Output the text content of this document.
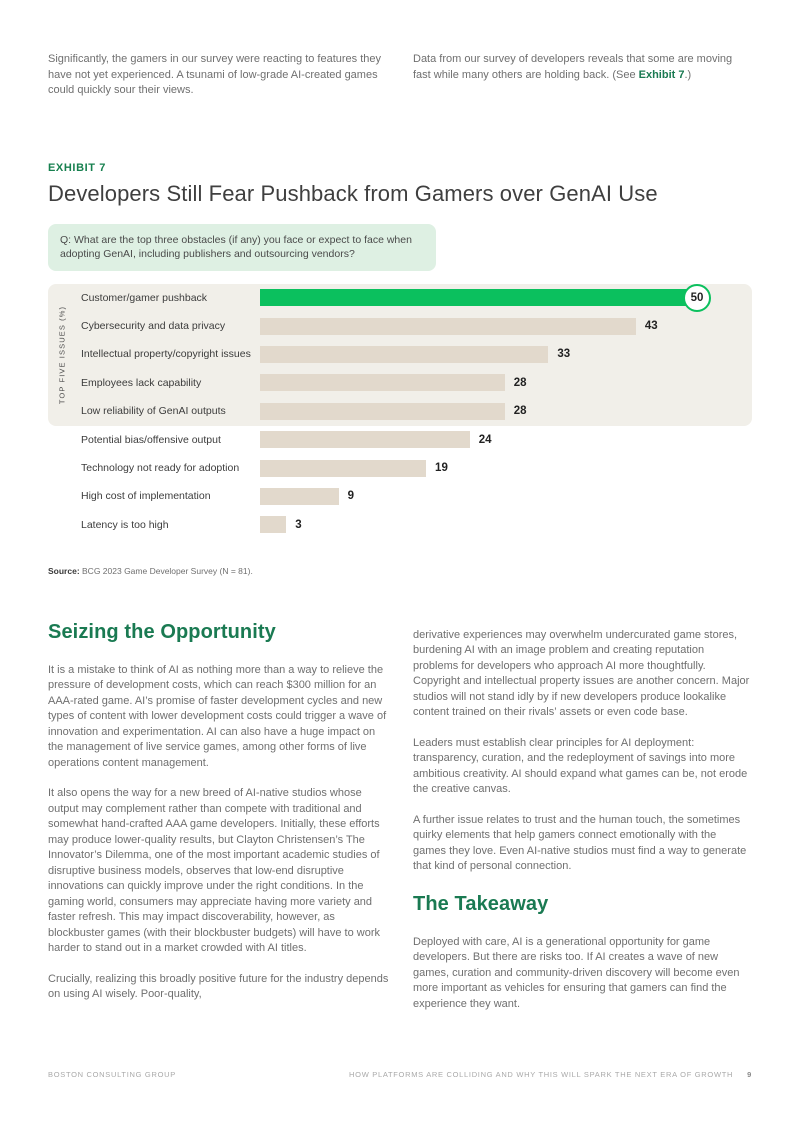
Significantly, the gamers in our survey were reacting to features they have not yet experienced. A tsunami of low-grade AI-created games could quickly sour their views.

Data from our survey of developers reveals that some are moving fast while many others are holding back. (See Exhibit 7.)

EXHIBIT 7
Developers Still Fear Pushback from Gamers over GenAI Use
Q: What are the top three obstacles (if any) you face or expect to face when adopting GenAI, including publishers and outsourcing vendors?
TOP FIVE ISSUES (%)
Customer/gamer pushback	50
Cybersecurity and data privacy	43
Intellectual property/copyright issues	33
Employees lack capability	28
Low reliability of GenAI outputs	28
Potential bias/offensive output	24
Technology not ready for adoption	19
High cost of implementation	9
Latency is too high	3
Source: BCG 2023 Game Developer Survey (N = 81).
Seizing the Opportunity

It is a mistake to think of AI as nothing more than a way to relieve the pressure of development costs, which can reach $300 million for an AAA-rated game. AI’s promise of faster development cycles and new types of content with lower development costs could trigger a wave of innovation and experimentation. AI can also have a huge impact on the management of live service games, among other forms of live operations content management.

It also opens the way for a new breed of AI-native studios whose output may complement rather than compete with traditional and somewhat hand-crafted AAA game developers. Initially, these efforts may produce lower-quality results, but Clayton Christensen’s The Innovator’s Dilemma, one of the most important academic studies of disruptive business models, observes that low-end disruptive innovations can quickly improve under the right conditions. In the gaming world, consumers may appreciate having more variety and faster refresh. This may impact discoverability, however, as blockbuster games (with their blockbuster budgets) will have to work harder to stand out in a market crowded with AI titles.

Crucially, realizing this broadly positive future for the industry depends on using AI wisely. Poor-quality,

derivative experiences may overwhelm undercurated game stores, burdening AI with an image problem and creating reputation problems for developers who approach AI more thoughtfully. Copyright and intellectual property issues are another concern. Major studios will not stand idly by if new developers produce lookalike content trained on their rivals’ assets or even code base.

Leaders must establish clear principles for AI deployment: transparency, curation, and the redeployment of savings into more ambitious creativity. AI should expand what games can be, not erode the creative canvas.

A further issue relates to trust and the human touch, the sometimes quirky elements that help gamers connect emotionally with the games they love. Even AI-native studios must find a way to generate that kind of personal connection.

The Takeaway

Deployed with care, AI is a generational opportunity for game developers. But there are risks too. If AI creates a wave of new games, curation and community-driven discovery will become even more important as vehicles for ensuring that gamers can find the experience they want.

BOSTON CONSULTING GROUP	HOW PLATFORMS ARE COLLIDING AND WHY THIS WILL SPARK THE NEXT ERA OF GROWTH 9
